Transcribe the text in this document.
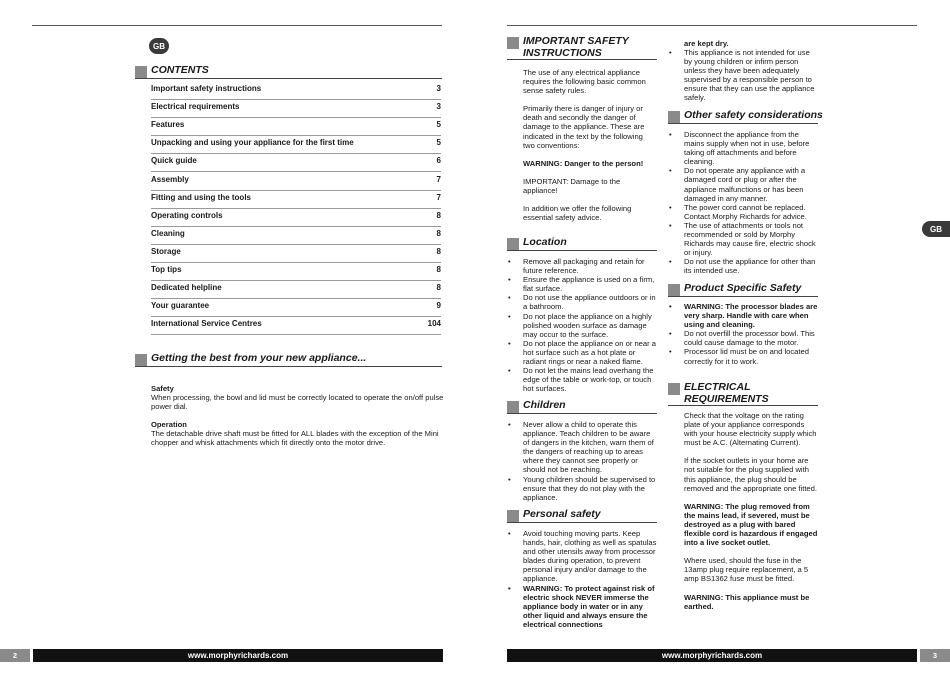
GB
CONTENTS
Important safety instructions	3
Electrical requirements	3
Features	5
Unpacking and using your appliance for the first time	5
Quick guide	6
Assembly	7
Fitting and using the tools	7
Operating controls	8
Cleaning	8
Storage	8
Top tips	8
Dedicated helpline	8
Your guarantee	9
International Service Centres	104
Getting the best from your new appliance...
Safety
When processing, the bowl and lid must be correctly located to operate the on/off pulse power dial.
Operation
The detachable drive shaft must be fitted for ALL blades with the exception of the Mini chopper and whisk attachments which fit directly onto the motor drive.
2	www.morphyrichards.com
IMPORTANT SAFETY INSTRUCTIONS

The use of any electrical appliance requires the following basic common sense safety rules.

Primarily there is danger of injury or death and secondly the danger of damage to the appliance. These are indicated in the text by the following two conventions:

WARNING: Danger to the person!

IMPORTANT: Damage to the appliance!

In addition we offer the following essential safety advice.

Location
• Remove all packaging and retain for future reference.
• Ensure the appliance is used on a firm, flat surface.
• Do not use the appliance outdoors or in a bathroom.
• Do not place the appliance on a highly polished wooden surface as damage may occur to the surface.
• Do not place the appliance on or near a hot surface such as a hot plate or radiant rings or near a naked flame.
• Do not let the mains lead overhang the edge of the table or work-top, or touch hot surfaces.
Children
• Never allow a child to operate this appliance. Teach children to be aware of dangers in the kitchen, warn them of the dangers of reaching up to areas where they cannot see properly or should not be reaching.
• Young children should be supervised to ensure that they do not play with the appliance.
Personal safety
• Avoid touching moving parts. Keep hands, hair, clothing as well as spatulas and other utensils away from processor blades during operation, to prevent personal injury and/or damage to the appliance.
• WARNING: To protect against risk of electric shock NEVER immerse the appliance body in water or in any other liquid and always ensure the electrical connections
are kept dry.
• This appliance is not intended for use by young children or infirm person unless they have been adequately supervised by a responsible person to ensure that they can use the appliance safely.
Other safety considerations
• Disconnect the appliance from the mains supply when not in use, before taking off attachments and before cleaning.
• Do not operate any appliance with a damaged cord or plug or after the appliance malfunctions or has been damaged in any manner.
• The power cord cannot be replaced. Contact Morphy Richards for advice.
• The use of attachments or tools not recommended or sold by Morphy Richards may cause fire, electric shock or injury.
• Do not use the appliance for other than its intended use.
Product Specific Safety
• WARNING: The processor blades are very sharp. Handle with care when using and cleaning.
• Do not overfill the processor bowl. This could cause damage to the motor.
• Processor lid must be on and located correctly for it to work.
ELECTRICAL REQUIREMENTS

Check that the voltage on the rating plate of your appliance corresponds with your house electricity supply which must be A.C. (Alternating Current).

If the socket outlets in your home are not suitable for the plug supplied with this appliance, the plug should be removed and the appropriate one fitted.

WARNING: The plug removed from the mains lead, if severed, must be destroyed as a plug with bared flexible cord is hazardous if engaged into a live socket outlet.

Where used, should the fuse in the 13amp plug require replacement, a 5 amp BS1362 fuse must be fitted.

WARNING: This appliance must be earthed.

GB
www.morphyrichards.com	3
